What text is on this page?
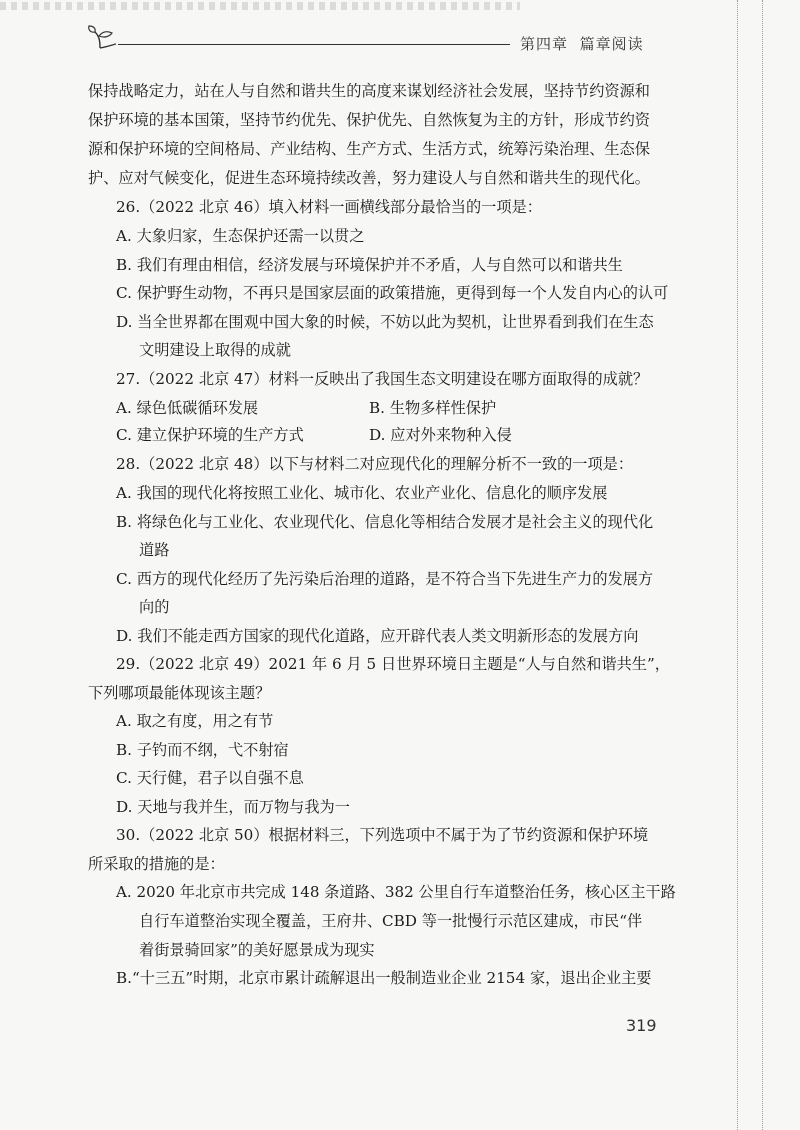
第四章 篇章阅读

保持战略定力，站在人与自然和谐共生的高度来谋划经济社会发展，坚持节约资源和

保护环境的基本国策，坚持节约优先、保护优先、自然恢复为主的方针，形成节约资

源和保护环境的空间格局、产业结构、生产方式、生活方式，统筹污染治理、生态保

护、应对气候变化，促进生态环境持续改善，努力建设人与自然和谐共生的现代化。

26.（2022 北京 46）填入材料一画横线部分最恰当的一项是：

A. 大象归家，生态保护还需一以贯之

B. 我们有理由相信，经济发展与环境保护并不矛盾，人与自然可以和谐共生

C. 保护野生动物，不再只是国家层面的政策措施，更得到每一个人发自内心的认可

D. 当全世界都在围观中国大象的时候，不妨以此为契机，让世界看到我们在生态

文明建设上取得的成就

27.（2022 北京 47）材料一反映出了我国生态文明建设在哪方面取得的成就？

A. 绿色低碳循环发展	B. 生物多样性保护

C. 建立保护环境的生产方式	D. 应对外来物种入侵

28.（2022 北京 48）以下与材料二对应现代化的理解分析不一致的一项是：

A. 我国的现代化将按照工业化、城市化、农业产业化、信息化的顺序发展

B. 将绿色化与工业化、农业现代化、信息化等相结合发展才是社会主义的现代化

道路

C. 西方的现代化经历了先污染后治理的道路，是不符合当下先进生产力的发展方

向的

D. 我们不能走西方国家的现代化道路，应开辟代表人类文明新形态的发展方向

29.（2022 北京 49）2021 年 6 月 5 日世界环境日主题是“人与自然和谐共生”，

下列哪项最能体现该主题？

A. 取之有度，用之有节

B. 子钓而不纲，弋不射宿

C. 天行健，君子以自强不息

D. 天地与我并生，而万物与我为一

30.（2022 北京 50）根据材料三，下列选项中不属于为了节约资源和保护环境

所采取的措施的是：

A. 2020 年北京市共完成 148 条道路、382 公里自行车道整治任务，核心区主干路

自行车道整治实现全覆盖，王府井、CBD 等一批慢行示范区建成，市民“伴

着街景骑回家”的美好愿景成为现实

B.“十三五”时期，北京市累计疏解退出一般制造业企业 2154 家，退出企业主要

319
